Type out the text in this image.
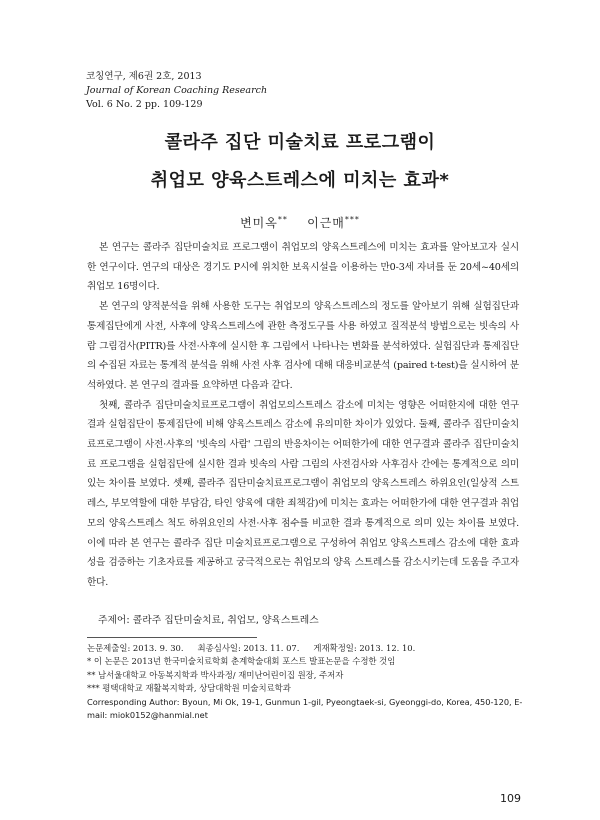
코칭연구, 제6권 2호, 2013
Journal of Korean Coaching Research
Vol. 6 No. 2 pp. 109-129
콜라주 집단 미술치료 프로그램이
취업모 양육스트레스에 미치는 효과*
변미옥** 이근매***

본 연구는 콜라주 집단미술치료 프로그램이 취업모의 양육스트레스에 미치는 효과를 알아보고자 실시한 연구이다. 연구의 대상은 경기도 P시에 위치한 보육시설을 이용하는 만0-3세 자녀를 둔 20세~40세의 취업모 16명이다.

본 연구의 양적분석을 위해 사용한 도구는 취업모의 양육스트레스의 정도를 알아보기 위해 실험집단과 통제집단에게 사전, 사후에 양육스트레스에 관한 측정도구를 사용 하였고 질적분석 방법으로는 빗속의 사람 그림검사(PITR)를 사전·사후에 실시한 후 그림에서 나타나는 변화를 분석하였다. 실험집단과 통제집단의 수집된 자료는 통계적 분석을 위해 사전 사후 검사에 대해 대응비교분석 (paired t-test)을 실시하여 분석하였다. 본 연구의 결과를 요약하면 다음과 같다.

첫째, 콜라주 집단미술치료프로그램이 취업모의스트레스 감소에 미치는 영향은 어떠한지에 대한 연구결과 실험집단이 통제집단에 비해 양육스트레스 감소에 유의미한 차이가 있었다. 둘째, 콜라주 집단미술치료프로그램이 사전·사후의 '빗속의 사람' 그림의 반응차이는 어떠한가에 대한 연구결과 콜라주 집단미술치료 프로그램을 실험집단에 실시한 결과 빗속의 사람 그림의 사전검사와 사후검사 간에는 통계적으로 의미 있는 차이를 보였다. 셋째, 콜라주 집단미술치료프로그램이 취업모의 양육스트레스 하위요인(일상적 스트레스, 부모역할에 대한 부담감, 타인 양육에 대한 죄책감)에 미치는 효과는 어떠한가에 대한 연구결과 취업모의 양육스트레스 척도 하위요인의 사전·사후 점수를 비교한 결과 통계적으로 의미 있는 차이를 보였다. 이에 따라 본 연구는 콜라주 집단 미술치료프로그램으로 구성하여 취업모 양육스트레스 감소에 대한 효과성을 검증하는 기초자료를 제공하고 궁극적으로는 취업모의 양육 스트레스를 감소시키는데 도움을 주고자 한다.

주제어: 콜라주 집단미술치료, 취업모, 양육스트레스
논문제출일: 2013. 9. 30. 최종심사일: 2013. 11. 07. 게재확정일: 2013. 12. 10.
* 이 논문은 2013년 한국미술치료학회 춘계학술대회 포스트 발표논문을 수정한 것임
** 남서울대학교 아동복지학과 박사과정/ 재미난어린이집 원장, 주저자
*** 평택대학교 재활복지학과, 상담대학원 미술치료학과
Corresponding Author: Byoun, Mi Ok, 19-1, Gunmun 1-gil, Pyeongtaek-si, Gyeonggi-do, Korea, 450-120, E-mail: miok0152@hanmial.net
109
